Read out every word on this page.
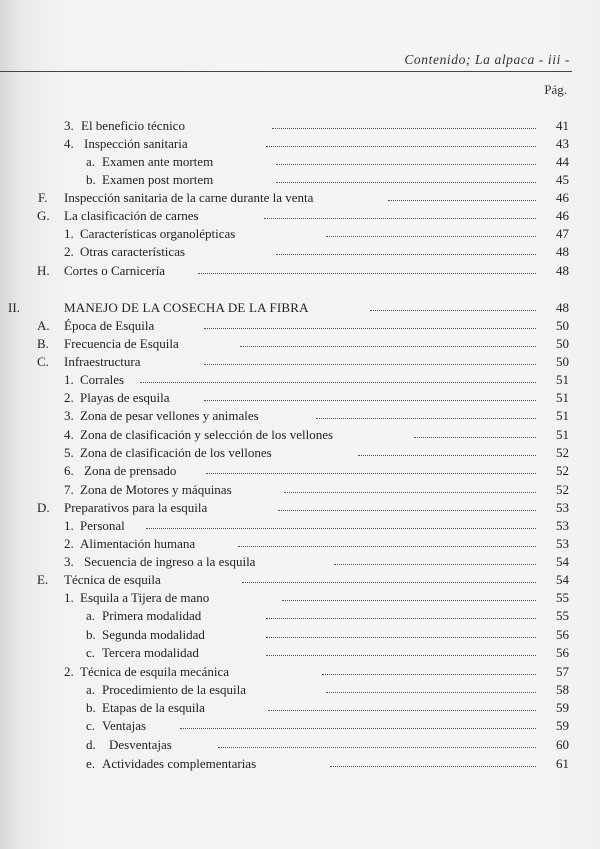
Contenido; La alpaca - iii -
Pág.
3. El beneficio técnico	41
4. Inspección sanitaria	43
a. Examen ante mortem	44
b. Examen post mortem	45
F. Inspección sanitaria de la carne durante la venta	46
G. La clasificación de carnes	46
1. Características organolépticas	47
2. Otras características	48
H. Cortes o Carnicería	48
II.	MANEJO DE LA COSECHA DE LA FIBRA	48
A. Época de Esquila	50
B. Frecuencia de Esquila	50
C. Infraestructura	50
1. Corrales	51
2. Playas de esquila	51
3. Zona de pesar vellones y animales	51
4. Zona de clasificación y selección de los vellones	51
5. Zona de clasificación de los vellones	52
6. Zona de prensado	52
7. Zona de Motores y máquinas	52
D. Preparativos para la esquila	53
1. Personal	53
2. Alimentación humana	53
3. Secuencia de ingreso a la esquila	54
E. Técnica de esquila	54
1. Esquila a Tijera de mano	55
a. Primera modalidad	55
b. Segunda modalidad	56
c. Tercera modalidad	56
2. Técnica de esquila mecánica	57
a. Procedimiento de la esquila	58
b. Etapas de la esquila	59
c. Ventajas	59
d. Desventajas	60
e. Actividades complementarias	61
